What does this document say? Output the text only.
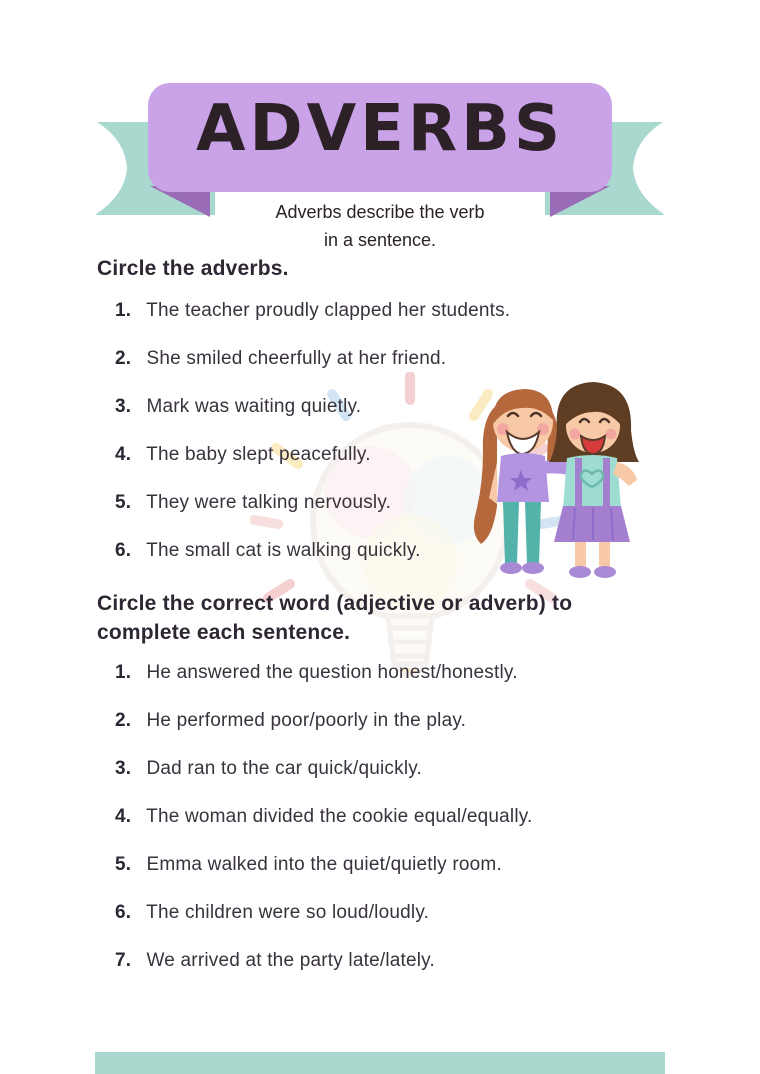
ADVERBS
Adverbs describe the verb
in a sentence.
Circle the adverbs.
1. The teacher proudly clapped her students.
2. She smiled cheerfully at her friend.
3. Mark was waiting quietly.
4. The baby slept peacefully.
5. They were talking nervously.
6. The small cat is walking quickly.
Circle the correct word (adjective or adverb) to complete each sentence.
1. He answered the question honest/honestly.
2. He performed poor/poorly in the play.
3. Dad ran to the car quick/quickly.
4. The woman divided the cookie equal/equally.
5. Emma walked into the quiet/quietly room.
6. The children were so loud/loudly.
7. We arrived at the party late/lately.
